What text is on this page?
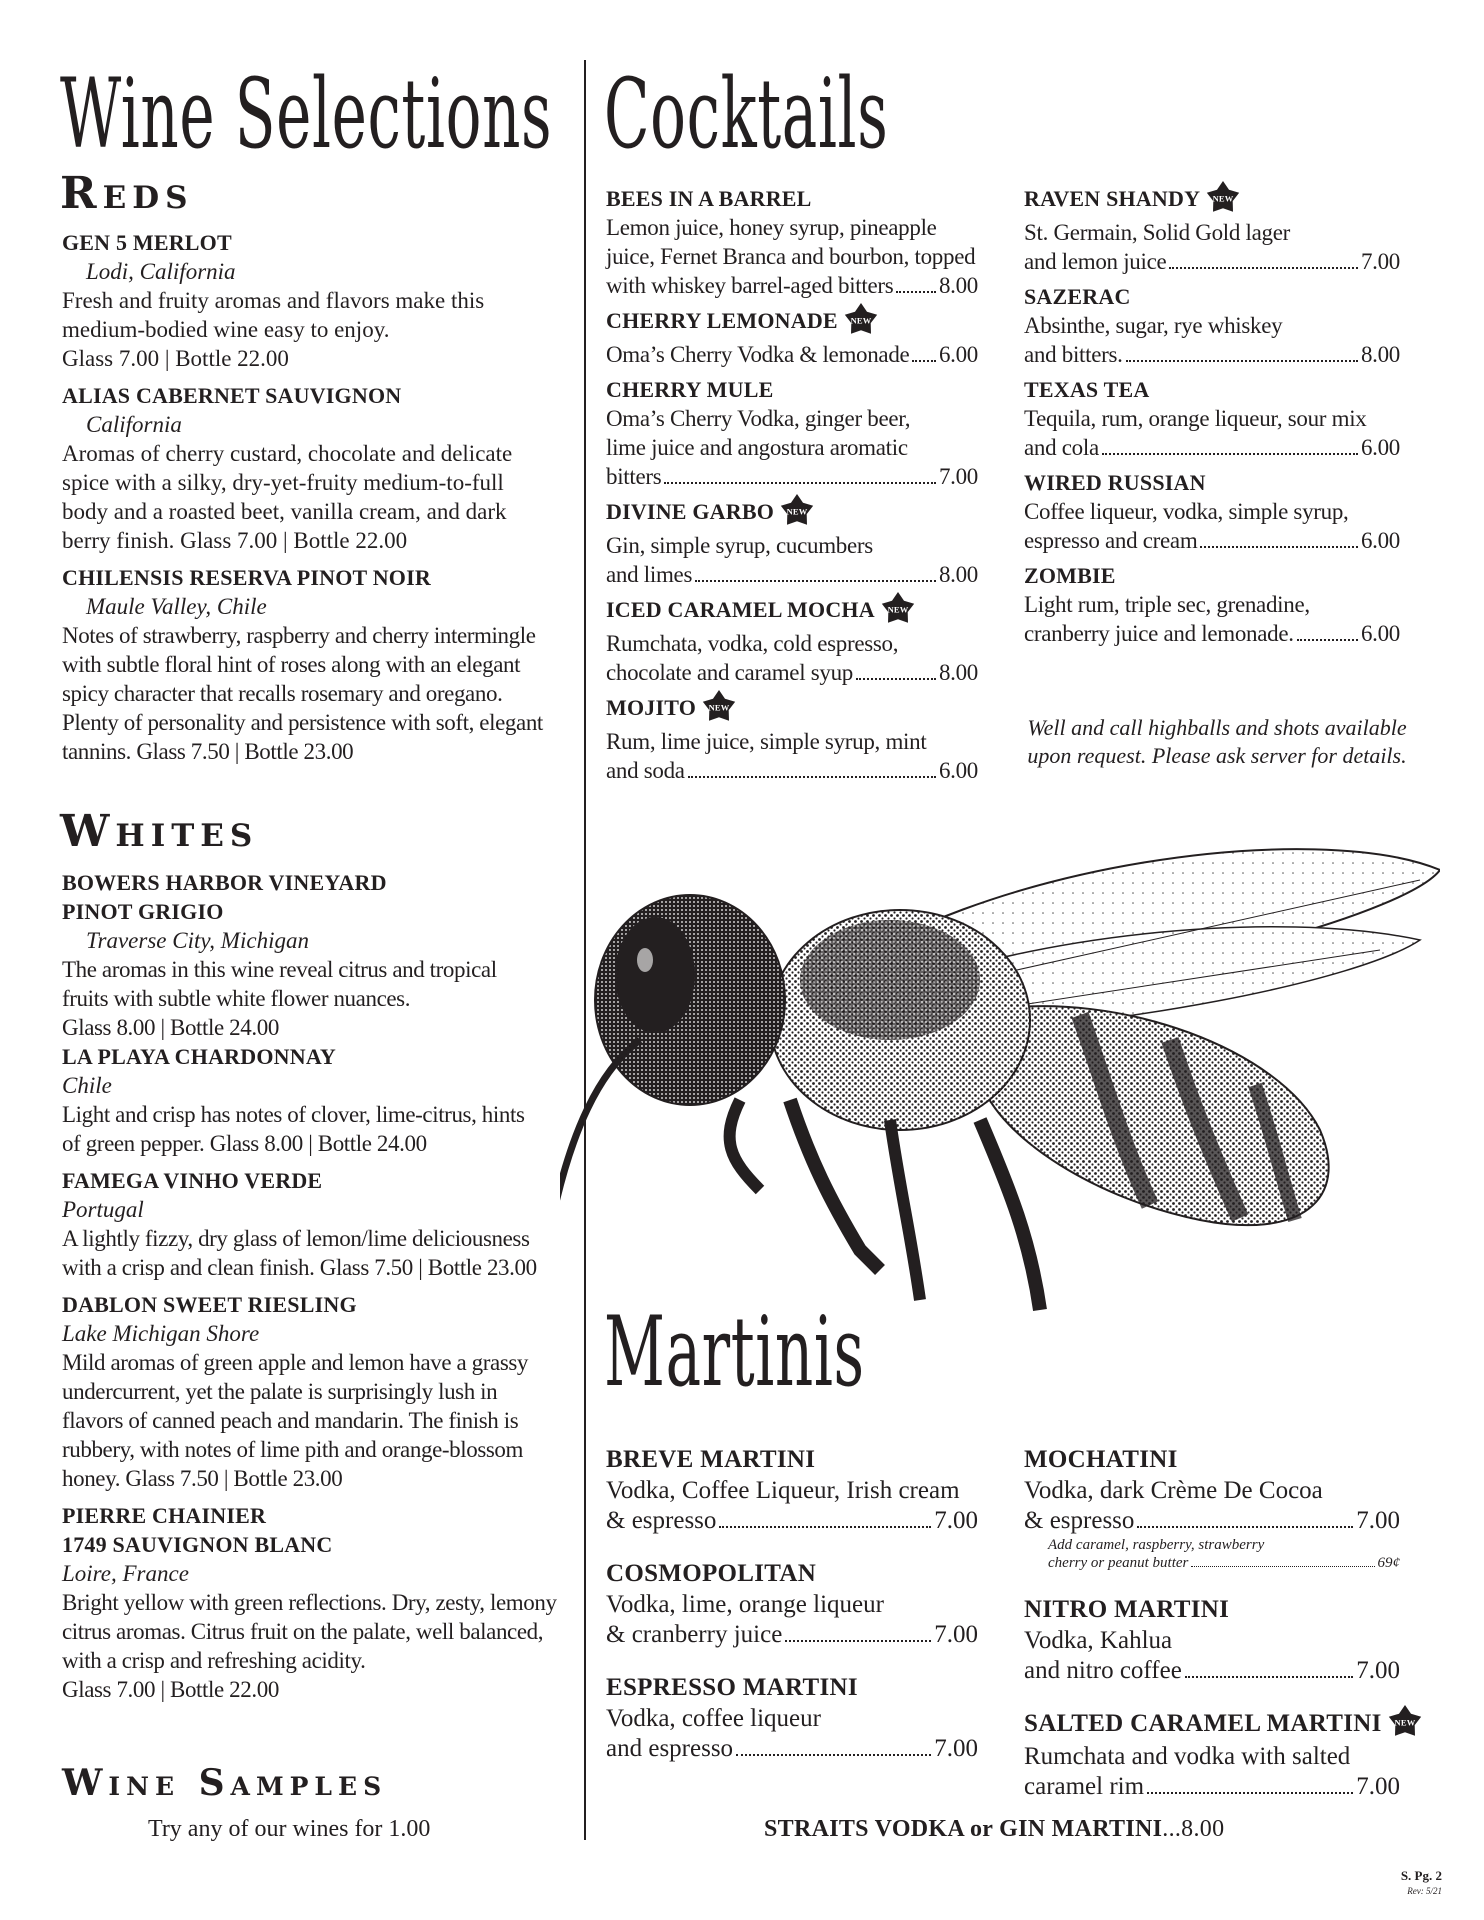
Wine Selections
Reds
GEN 5 MERLOT
Lodi, California
Fresh and fruity aromas and flavors make this
medium-bodied wine easy to enjoy.
Glass 7.00 | Bottle 22.00
ALIAS CABERNET SAUVIGNON
California
Aromas of cherry custard, chocolate and delicate
spice with a silky, dry-yet-fruity medium-to-full
body and a roasted beet, vanilla cream, and dark
berry finish. Glass 7.00 | Bottle 22.00
CHILENSIS RESERVA PINOT NOIR
Maule Valley, Chile
Notes of strawberry, raspberry and cherry intermingle
with subtle floral hint of roses along with an elegant
spicy character that recalls rosemary and oregano.
Plenty of personality and persistence with soft, elegant
tannins. Glass 7.50 | Bottle 23.00
Whites
BOWERS HARBOR VINEYARD
PINOT GRIGIO
Traverse City, Michigan
The aromas in this wine reveal citrus and tropical
fruits with subtle white flower nuances.
Glass 8.00 | Bottle 24.00
LA PLAYA CHARDONNAY
Chile
Light and crisp has notes of clover, lime-citrus, hints
of green pepper. Glass 8.00 | Bottle 24.00
FAMEGA VINHO VERDE
Portugal
A lightly fizzy, dry glass of lemon/lime deliciousness
with a crisp and clean finish. Glass 7.50 | Bottle 23.00
DABLON SWEET RIESLING
Lake Michigan Shore
Mild aromas of green apple and lemon have a grassy
undercurrent, yet the palate is surprisingly lush in
flavors of canned peach and mandarin. The finish is
rubbery, with notes of lime pith and orange-blossom
honey. Glass 7.50 | Bottle 23.00
PIERRE CHAINIER
1749 SAUVIGNON BLANC
Loire, France
Bright yellow with green reflections. Dry, zesty, lemony
citrus aromas. Citrus fruit on the palate, well balanced,
with a crisp and refreshing acidity.
Glass 7.00 | Bottle 22.00
Wine Samples
Try any of our wines for 1.00
Cocktails
BEES IN A BARREL
Lemon juice, honey syrup, pineapple
juice, Fernet Branca and bourbon, topped
with whiskey barrel-aged bitters 8.00
CHERRY LEMONADE NEW
Oma’s Cherry Vodka & lemonade 6.00
CHERRY MULE
Oma’s Cherry Vodka, ginger beer,
lime juice and angostura aromatic
bitters	7.00
DIVINE GARBO NEW
Gin, simple syrup, cucumbers
and limes	8.00
ICED CARAMEL MOCHA NEW
Rumchata, vodka, cold espresso,
chocolate and caramel syup	8.00
MOJITO NEW
Rum, lime juice, simple syrup, mint
and soda	6.00
RAVEN SHANDY NEW
St. Germain, Solid Gold lager
and lemon juice	7.00
SAZERAC
Absinthe, sugar, rye whiskey
and bitters.	8.00
TEXAS TEA
Tequila, rum, orange liqueur, sour mix
and cola	6.00
WIRED RUSSIAN
Coffee liqueur, vodka, simple syrup,
espresso and cream	6.00
ZOMBIE
Light rum, triple sec, grenadine,
cranberry juice and lemonade.	6.00
Well and call highballs and shots available
upon request. Please ask server for details.
Martinis
BREVE MARTINI
Vodka, Coffee Liqueur, Irish cream
& espresso	7.00
COSMOPOLITAN
Vodka, lime, orange liqueur
& cranberry juice	7.00
ESPRESSO MARTINI
Vodka, coffee liqueur
and espresso	7.00
MOCHATINI
Vodka, dark Crème De Cocoa
& espresso	7.00
Add caramel, raspberry, strawberry
cherry or peanut butter	69¢
NITRO MARTINI
Vodka, Kahlua
and nitro coffee	7.00
SALTED CARAMEL MARTINI NEW
Rumchata and vodka with salted
caramel rim	7.00
STRAITS VODKA or GIN MARTINI...8.00
S. Pg. 2
Rev: 5/21
